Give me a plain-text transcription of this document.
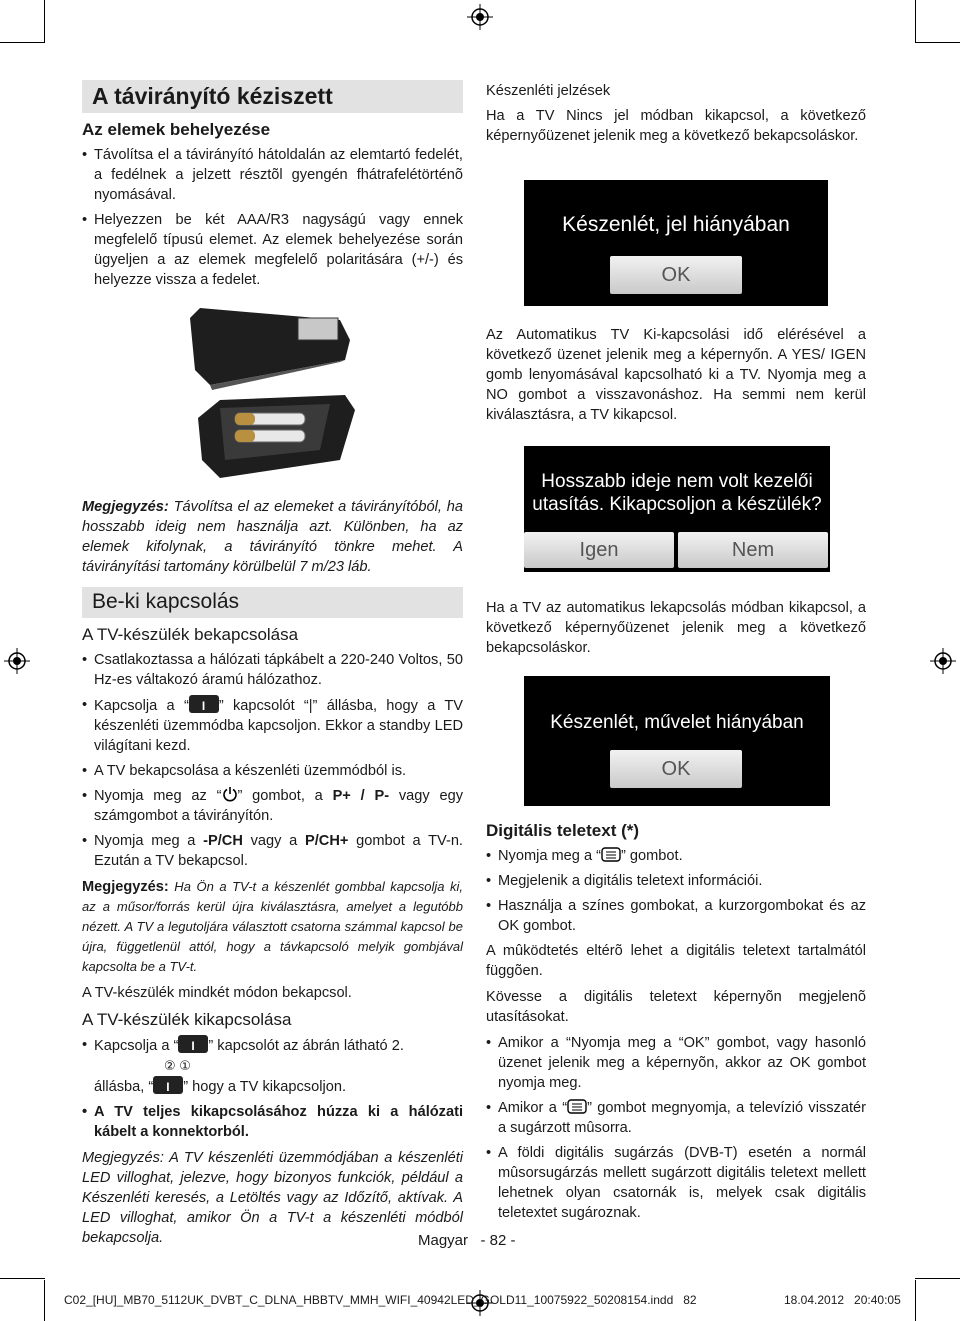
A távirányító kéziszett
Az elemek behelyezése
• Távolítsa el a távirányító hátoldalán az elemtartó fedelét, a fedélnek a jelzett résztõl gyengén fhátrafelétörténõ nyomásával.
• Helyezzen be két AAA/R3 nagyságú vagy ennek megfelelő típusú elemet. Az elemek behelyezése során ügyeljen a az elemek megfelelő polaritására (+/-) és helyezze vissza a fedelet.

Megjegyzés: Távolítsa el az elemeket a távirányítóból, ha hosszabb ideig nem használja azt. Különben, ha az elemek kifolynak, a távirányító tönkre mehet. A távirányítási tartomány körülbelül 7 m/23 láb.

Be-ki kapcsolás
A TV-készülék bekapcsolása
• Csatlakoztassa a hálózati tápkábelt a 220-240 Voltos, 50 Hz-es váltakozó áramú hálózathoz.
• Kapcsolja a “ I ” kapcsolót “|” állásba, hogy a TV készenléti üzemmódba kapcsoljon. Ekkor a standby LED világítani kezd.
• A TV bekapcsolása a készenléti üzemmódból is.
• Nyomja meg az “ ” gombot, a P+ / P- vagy egy számgombot a távirányítón.
• Nyomja meg a -P/CH vagy a P/CH+ gombot a TV-n. Ezután a TV bekapcsol.

Megjegyzés: Ha Ön a TV-t a készenlét gombbal kapcsolja ki, az a műsor/forrás kerül újra kiválasztásra, amelyet a legutóbb nézett. A TV a legutoljára választott csatorna számmal kapcsol be újra, függetlenül attól, hogy a távkapcsoló melyik gombjával kapcsolta be a TV-t.

A TV-készülék mindkét módon bekapcsol.

A TV-készülék kikapcsolása
• Kapcsolja a “ I ” kapcsolót az ábrán látható 2.
② ①
állásba, “ I ” hogy a TV kikapcsoljon.
• A TV teljes kikapcsolásához húzza ki a hálózati kábelt a konnektorból.

Megjegyzés: A TV készenléti üzemmódjában a készenléti LED villoghat, jelezve, hogy bizonyos funkciók, például a Készenléti keresés, a Letöltés vagy az Időzítő, aktívak. A LED villoghat, amikor Ön a TV-t a készenléti módból bekapcsolja.

Készenléti jelzések

Ha a TV Nincs jel módban kikapcsol, a következő képernyőüzenet jelenik meg a következő bekapcsoláskor.

Készenlét, jel hiányában
OK

Az Automatikus TV Ki-kapcsolási idő elérésével a következő üzenet jelenik meg a képernyőn. A YES/ IGEN gomb lenyomásával kapcsolható ki a TV. Nyomja meg a NO gombot a visszavonáshoz. Ha semmi nem kerül kiválasztásra, a TV kikapcsol.

Hosszabb ideje nem volt kezelői utasítás. Kikapcsoljon a készülék?
Igen	Nem

Ha a TV az automatikus lekapcsolás módban kikapcsol, a következő képernyőüzenet jelenik meg a következő bekapcsoláskor.

Készenlét, művelet hiányában
OK
Digitális teletext (*)
• Nyomja meg a “ ” gombot.
• Megjelenik a digitális teletext információi.
• Használja a színes gombokat, a kurzorgombokat és az OK gombot.

A mûködtetés eltérõ lehet a digitális teletext tartalmától függõen.

Kövesse a digitális teletext képernyõn megjelenõ utasításokat.

• Amikor a “Nyomja meg a “OK” gombot, vagy hasonló üzenet jelenik meg a képernyõn, akkor az OK gombot nyomja meg.
• Amikor a “ ” gombot megnyomja, a televízió visszatér a sugárzott mûsorra.
• A földi digitális sugárzás (DVB-T) esetén a normál mûsorsugárzás mellett sugárzott digitális teletext mellett lehetnek olyan csatornák is, melyek csak digitális teletextet sugároznak.
Magyar   - 82 -
C02_[HU]_MB70_5112UK_DVBT_C_DLNA_HBBTV_MMH_WIFI_40942LED_GOLD11_10075922_50208154.indd   82	18.04.2012   20:40:05
